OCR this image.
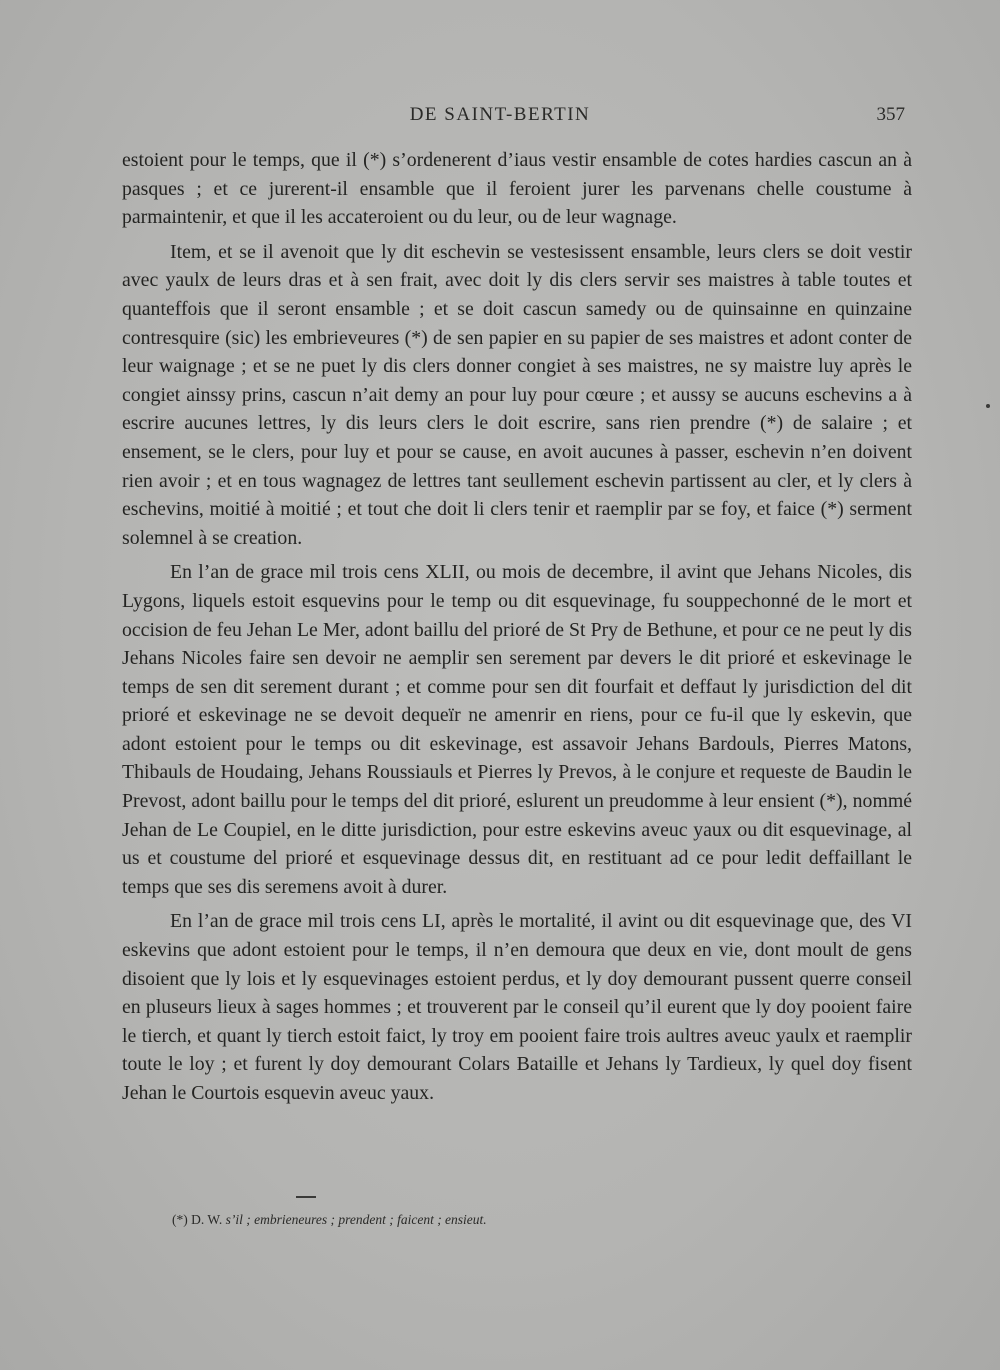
DE SAINT-BERTIN	357

estoient pour le temps, que il (*) s’ordenerent d’iaus vestir ensamble de cotes hardies cascun an à pasques ; et ce jurerent-il ensamble que il feroient jurer les parvenans chelle coustume à parmaintenir, et que il les accateroient ou du leur, ou de leur wagnage.

Item, et se il avenoit que ly dit eschevin se vestesissent ensamble, leurs clers se doit vestir avec yaulx de leurs dras et à sen frait, avec doit ly dis clers servir ses maistres à table toutes et quanteffois que il seront ensamble ; et se doit cascun samedy ou de quinsainne en quinzaine contresquire (sic) les embrieveures (*) de sen papier en su papier de ses maistres et adont conter de leur waignage ; et se ne puet ly dis clers donner congiet à ses maistres, ne sy maistre luy après le congiet ainssy prins, cascun n’ait demy an pour luy pour cœure ; et aussy se aucuns eschevins a à escrire aucunes lettres, ly dis leurs clers le doit escrire, sans rien prendre (*) de salaire ; et ensement, se le clers, pour luy et pour se cause, en avoit aucunes à passer, eschevin n’en doivent rien avoir ; et en tous wagnagez de lettres tant seullement eschevin partissent au cler, et ly clers à eschevins, moitié à moitié ; et tout che doit li clers tenir et raemplir par se foy, et faice (*) serment solemnel à se creation.

En l’an de grace mil trois cens XLII, ou mois de decembre, il avint que Jehans Nicoles, dis Lygons, liquels estoit esquevins pour le temp ou dit esquevinage, fu souppechonné de le mort et occision de feu Jehan Le Mer, adont baillu del prioré de St Pry de Bethune, et pour ce ne peut ly dis Jehans Nicoles faire sen devoir ne aemplir sen serement par devers le dit prioré et eskevinage le temps de sen dit serement durant ; et comme pour sen dit fourfait et deffaut ly jurisdiction del dit prioré et eskevinage ne se devoit dequeïr ne amenrir en riens, pour ce fu-il que ly eskevin, que adont estoient pour le temps ou dit eskevinage, est assavoir Jehans Bardouls, Pierres Matons, Thibauls de Houdaing, Jehans Roussiauls et Pierres ly Prevos, à le conjure et requeste de Baudin le Prevost, adont baillu pour le temps del dit prioré, eslurent un preudomme à leur ensient (*), nommé Jehan de Le Coupiel, en le ditte jurisdiction, pour estre eskevins aveuc yaux ou dit esquevinage, al us et coustume del prioré et esquevinage dessus dit, en restituant ad ce pour ledit deffaillant le temps que ses dis seremens avoit à durer.

En l’an de grace mil trois cens LI, après le mortalité, il avint ou dit esquevinage que, des VI eskevins que adont estoient pour le temps, il n’en demoura que deux en vie, dont moult de gens disoient que ly lois et ly esquevinages estoient perdus, et ly doy demourant pussent querre conseil en pluseurs lieux à sages hommes ; et trouverent par le conseil qu’il eurent que ly doy pooient faire le tierch, et quant ly tierch estoit faict, ly troy em pooient faire trois aultres aveuc yaulx et raemplir toute le loy ; et furent ly doy demourant Colars Bataille et Jehans ly Tardieux, ly quel doy fisent Jehan le Courtois esquevin aveuc yaux.

(*) D. W. s’il ; embrieneures ; prendent ; faicent ; ensieut.
